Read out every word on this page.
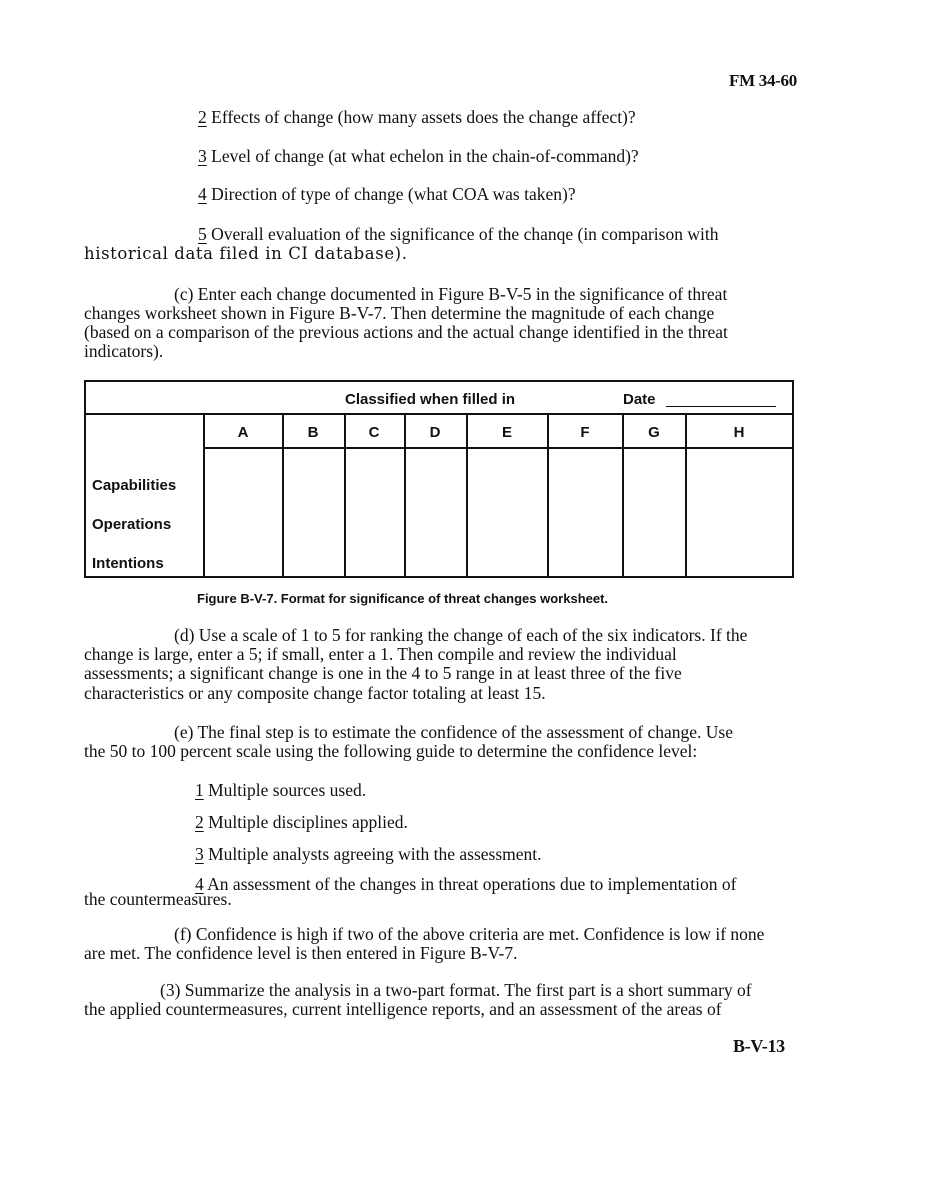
FM 34-60
2 Effects of change (how many assets does the change affect)?
3 Level of change (at what echelon in the chain-of-command)?
4 Direction of type of change (what COA was taken)?
5 Overall evaluation of the significance of the chanqe (in comparison with
historical data filed in CI database).
(c) Enter each change documented in Figure B-V-5 in the significance of threat
changes worksheet shown in Figure B-V-7. Then determine the magnitude of each change
(based on a comparison of the previous actions and the actual change identified in the threat
indicators).
Classified when filled in	Date
A	B	C	D	E	F	G	H
Capabilities
Operations
Intentions
Figure B-V-7. Format for significance of threat changes worksheet.
(d) Use a scale of 1 to 5 for ranking the change of each of the six indicators. If the
change is large, enter a 5; if small, enter a 1. Then compile and review the individual
assessments; a significant change is one in the 4 to 5 range in at least three of the five
characteristics or any composite change factor totaling at least 15.
(e) The final step is to estimate the confidence of the assessment of change. Use
the 50 to 100 percent scale using the following guide to determine the confidence level:
1 Multiple sources used.
2 Multiple disciplines applied.
3 Multiple analysts agreeing with the assessment.
4 An assessment of the changes in threat operations due to implementation of
the countermeasures.
(f) Confidence is high if two of the above criteria are met. Confidence is low if none
are met. The confidence level is then entered in Figure B-V-7.
(3) Summarize the analysis in a two-part format. The first part is a short summary of
the applied countermeasures, current intelligence reports, and an assessment of the areas of
B-V-13
